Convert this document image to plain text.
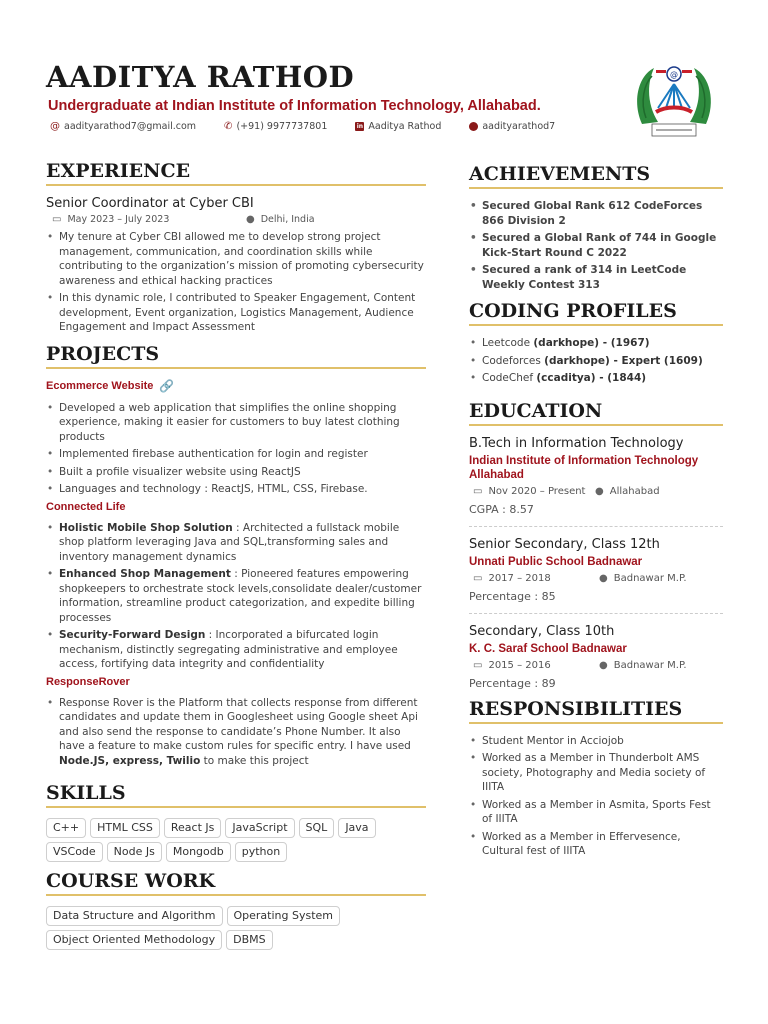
AADITYA RATHOD
Undergraduate at Indian Institute of Information Technology, Allahabad.
@ aadityarathod7@gmail.com	✆ (+91) 9977737801	in Aaditya Rathod	aadityarathod7
@
EXPERIENCE
Senior Coordinator at Cyber CBI
▭ May 2023 – July 2023	● Delhi, India
• My tenure at Cyber CBI allowed me to develop strong project management, communication, and coordination skills while contributing to the organization’s mission of promoting cybersecurity awareness and ethical hacking practices
• In this dynamic role, I contributed to Speaker Engagement, Content development, Event organization, Logistics Management, Audience Engagement and Impact Assessment
PROJECTS
Ecommerce Website 🔗
• Developed a web application that simplifies the online shopping experience, making it easier for customers to buy latest clothing products
• Implemented firebase authentication for login and register
• Built a profile visualizer website using ReactJS
• Languages and technology : ReactJS, HTML, CSS, Firebase.
Connected Life
• Holistic Mobile Shop Solution : Architected a fullstack mobile shop platform leveraging Java and SQL,transforming sales and inventory management dynamics
• Enhanced Shop Management : Pioneered features empowering shopkeepers to orchestrate stock levels,consolidate dealer/customer information, streamline product categorization, and expedite billing processes
• Security-Forward Design : Incorporated a bifurcated login mechanism, distinctly segregating administrative and employee access, fortifying data integrity and confidentiality
ResponseRover
• Response Rover is the Platform that collects response from different candidates and update them in Googlesheet using Google sheet Api and also send the response to candidate’s Phone Number. It also have a feature to make custom rules for specific entry. I have used Node.JS, express, Twilio to make this project
SKILLS
C++	HTML CSS	React Js	JavaScript	SQL	Java
VSCode	Node Js	Mongodb	python
COURSE WORK
Data Structure and Algorithm	Operating System
Object Oriented Methodology	DBMS
ACHIEVEMENTS
• Secured Global Rank 612 CodeForces 866 Division 2
• Secured a Global Rank of 744 in Google Kick-Start Round C 2022
• Secured a rank of 314 in LeetCode Weekly Contest 313
CODING PROFILES
• Leetcode (darkhope) - (1967)
• Codeforces (darkhope) - Expert (1609)
• CodeChef (ccaditya) - (1844)
EDUCATION
B.Tech in Information Technology
Indian Institute of Information Technology Allahabad
▭ Nov 2020 – Present ● Allahabad
CGPA : 8.57
Senior Secondary, Class 12th
Unnati Public School Badnawar
▭ 2017 – 2018	● Badnawar M.P.
Percentage : 85
Secondary, Class 10th
K. C. Saraf School Badnawar
▭ 2015 – 2016	● Badnawar M.P.
Percentage : 89
RESPONSIBILITIES
• Student Mentor in Acciojob
• Worked as a Member in Thunderbolt AMS society, Photography and Media society of IIITA
• Worked as a Member in Asmita, Sports Fest of IIITA
• Worked as a Member in Effervesence, Cultural fest of IIITA
